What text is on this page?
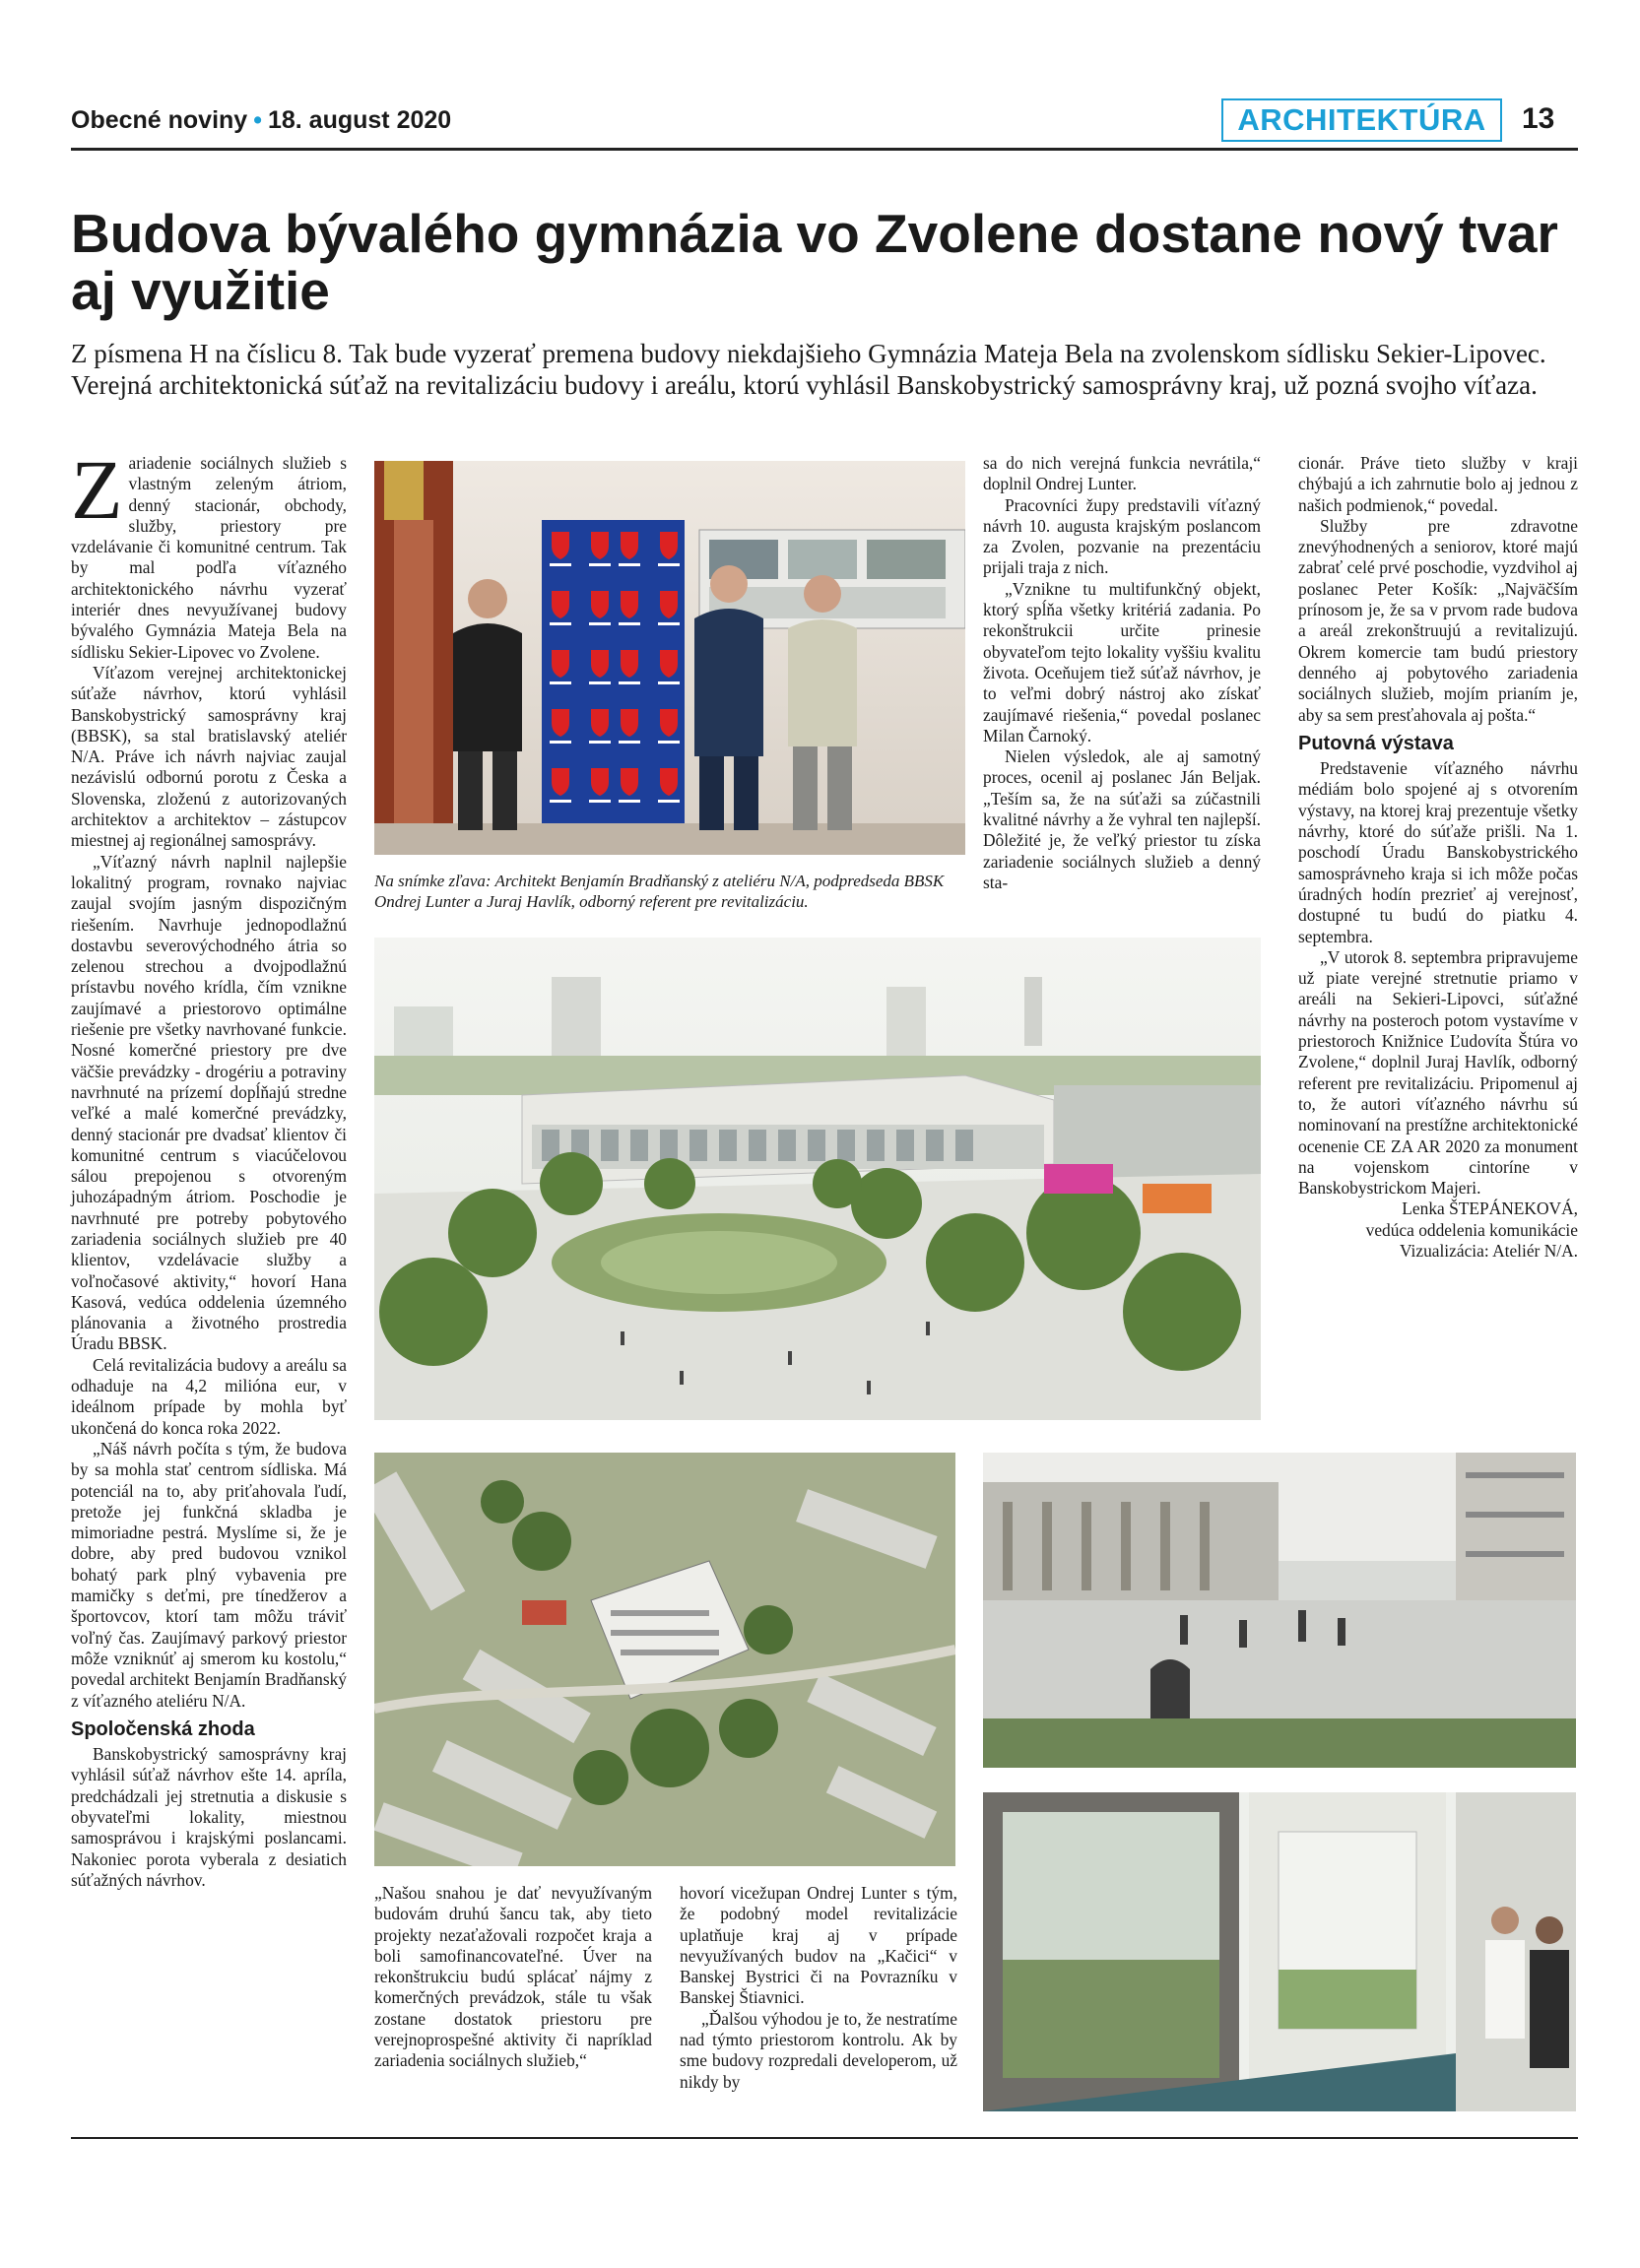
Obecné noviny • 18. august 2020	ARCHITEKTÚRA	13
Budova bývalého gymnázia vo Zvolene dostane nový tvar aj využitie
Z písmena H na číslicu 8. Tak bude vyzerať premena budovy niekdajšieho Gymnázia Mateja Bela na zvolenskom sídlisku Sekier-Lipovec. Verejná architektonická súťaž na revitalizáciu budovy i areálu, ktorú vyhlásil Banskobystrický samosprávny kraj, už pozná svojho víťaza.

Zariadenie sociálnych služieb s vlastným zeleným átriom, denný stacionár, obchody, služby, priestory pre vzdelávanie či komunitné centrum. Tak by mal podľa víťazného architektonického návrhu vyzerať interiér dnes nevyužívanej budovy bývalého Gymnázia Mateja Bela na sídlisku Sekier-Lipovec vo Zvolene.

Víťazom verejnej architektonickej súťaže návrhov, ktorú vyhlásil Banskobystrický samosprávny kraj (BBSK), sa stal bratislavský ateliér N/A. Práve ich návrh najviac zaujal nezávislú odbornú porotu z Česka a Slovenska, zloženú z autorizovaných architektov a architektov – zástupcov miestnej aj regionálnej samosprávy.

„Víťazný návrh naplnil najlepšie lokalitný program, rovnako najviac zaujal svojím jasným dispozičným riešením. Navrhuje jednopodlažnú dostavbu severovýchodného átria so zelenou strechou a dvojpodlažnú prístavbu nového krídla, čím vznikne zaujímavé a priestorovo optimálne riešenie pre všetky navrhované funkcie. Nosné komerčné priestory pre dve väčšie prevádzky - drogériu a potraviny navrhnuté na prízemí dopĺňajú stredne veľké a malé komerčné prevádzky, denný stacionár pre dvadsať klientov či komunitné centrum s viacúčelovou sálou prepojenou s otvoreným juhozápadným átriom. Poschodie je navrhnuté pre potreby pobytového zariadenia sociálnych služieb pre 40 klientov, vzdelávacie služby a voľnočasové aktivity,“ hovorí Hana Kasová, vedúca oddelenia územného plánovania a životného prostredia Úradu BBSK.

Celá revitalizácia budovy a areálu sa odhaduje na 4,2 milióna eur, v ideálnom prípade by mohla byť ukončená do konca roka 2022.

„Náš návrh počíta s tým, že budova by sa mohla stať centrom sídliska. Má potenciál na to, aby priťahovala ľudí, pretože jej funkčná skladba je mimoriadne pestrá. Myslíme si, že je dobre, aby pred budovou vznikol bohatý park plný vybavenia pre mamičky s deťmi, pre tínedžerov a športovcov, ktorí tam môžu tráviť voľný čas. Zaujímavý parkový priestor môže vzniknúť aj smerom ku kostolu,“ povedal architekt Benjamín Bradňanský z víťazného ateliéru N/A.

Spoločenská zhoda

Banskobystrický samosprávny kraj vyhlásil súťaž návrhov ešte 14. apríla, predchádzali jej stretnutia a diskusie s obyvateľmi lokality, miestnou samosprávou i krajskými poslancami. Nakoniec porota vyberala z desiatich súťažných návrhov.

Na snímke zľava: Architekt Benjamín Bradňanský z ateliéru N/A, podpredseda BBSK Ondrej Lunter a Juraj Havlík, odborný referent pre revitalizáciu.

sa do nich verejná funkcia nevrátila,“ doplnil Ondrej Lunter.

Pracovníci župy predstavili víťazný návrh 10. augusta krajským poslancom za Zvolen, pozvanie na prezentáciu prijali traja z nich.

„Vznikne tu multifunkčný objekt, ktorý spĺňa všetky kritériá zadania. Po rekonštrukcii určite prinesie obyvateľom tejto lokality vyššiu kvalitu života. Oceňujem tiež súťaž návrhov, je to veľmi dobrý nástroj ako získať zaujímavé riešenia,“ povedal poslanec Milan Čarnoký.

Nielen výsledok, ale aj samotný proces, ocenil aj poslanec Ján Beljak. „Teším sa, že na súťaži sa zúčastnili kvalitné návrhy a že vyhral ten najlepší. Dôležité je, že veľký priestor tu získa zariadenie sociálnych služieb a denný sta-

cionár. Práve tieto služby v kraji chýbajú a ich zahrnutie bolo aj jednou z našich podmienok,“ povedal.

Služby pre zdravotne znevýhodnených a seniorov, ktoré majú zabrať celé prvé poschodie, vyzdvihol aj poslanec Peter Košík: „Najväčším prínosom je, že sa v prvom rade budova a areál zrekonštruujú a revitalizujú. Okrem komercie tam budú priestory denného aj pobytového zariadenia sociálnych služieb, mojím prianím je, aby sa sem presťahovala aj pošta.“

Putovná výstava

Predstavenie víťazného návrhu médiám bolo spojené aj s otvorením výstavy, na ktorej kraj prezentuje všetky návrhy, ktoré do súťaže prišli. Na 1. poschodí Úradu Banskobystrického samosprávneho kraja si ich môže počas úradných hodín prezrieť aj verejnosť, dostupné tu budú do piatku 4. septembra.

„V utorok 8. septembra pripravujeme už piate verejné stretnutie priamo v areáli na Sekieri-Lipovci, súťažné návrhy na posteroch potom vystavíme v priestoroch Knižnice Ľudovíta Štúra vo Zvolene,“ doplnil Juraj Havlík, odborný referent pre revitalizáciu. Pripomenul aj to, že autori víťazného návrhu sú nominovaní na prestížne architektonické ocenenie CE ZA AR 2020 za monument na vojenskom cintoríne v Banskobystrickom Majeri.

Lenka ŠTEPÁNEKOVÁ,

vedúca oddelenia komunikácie

Vizualizácia: Ateliér N/A.

„Našou snahou je dať nevyužívaným budovám druhú šancu tak, aby tieto projekty nezaťažovali rozpočet kraja a boli samofinancovateľné. Úver na rekonštrukciu budú splácať nájmy z komerčných prevádzok, stále tu však zostane dostatok priestoru pre verejnoprospešné aktivity či napríklad zariadenia sociálnych služieb,“

hovorí vicežupan Ondrej Lunter s tým, že podobný model revitalizácie uplatňuje kraj aj v prípade nevyužívaných budov na „Kačici“ v Banskej Bystrici či na Povrazníku v Banskej Štiavnici.

„Ďalšou výhodou je to, že nestratíme nad týmto priestorom kontrolu. Ak by sme budovy rozpredali developerom, už nikdy by
